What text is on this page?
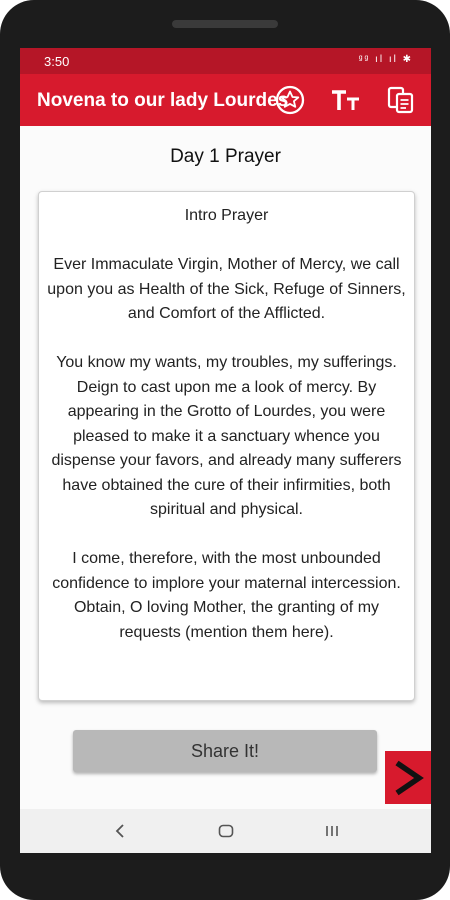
3:50	ᵍᵍ ıl ıl ✱
Novena to our lady Lourdes
Day 1 Prayer
Intro Prayer

Ever Immaculate Virgin, Mother of Mercy, we call upon you as Health of the Sick, Refuge of Sinners, and Comfort of the Afflicted.

You know my wants, my troubles, my sufferings. Deign to cast upon me a look of mercy. By appearing in the Grotto of Lourdes, you were pleased to make it a sanctuary whence you dispense your favors, and already many sufferers have obtained the cure of their infirmities, both spiritual and physical.

I come, therefore, with the most unbounded confidence to implore your maternal intercession. Obtain, O loving Mother, the granting of my requests (mention them here).
Share It!
